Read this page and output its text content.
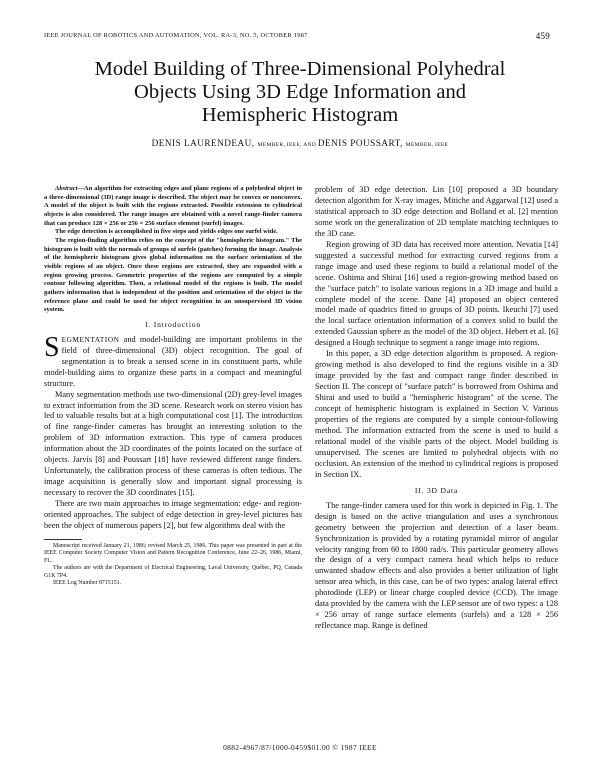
IEEE JOURNAL OF ROBOTICS AND AUTOMATION, VOL. RA-3, NO. 5, OCTOBER 1987	459
Model Building of Three-Dimensional Polyhedral
Objects Using 3D Edge Information and
Hemispheric Histogram
DENIS LAURENDEAU, MEMBER, IEEE, AND DENIS POUSSART, MEMBER, IEEE

Abstract—An algorithm for extracting edges and plane regions of a polyhedral object in a three-dimensional (3D) range image is described. The object may be convex or nonconvex. A model of the object is built with the regions extracted. Possible extension to cylindrical objects is also considered. The range images are obtained with a novel range-finder camera that can produce 128 × 256 or 256 × 256 surface element (surfel) images.

The edge detection is accomplished in five steps and yields edges one surfel wide.

The region-finding algorithm relies on the concept of the "hemispheric histogram." The histogram is built with the normals of groups of surfels (patches) forming the image. Analysis of the hemispheric histogram gives global information on the surface orientation of the visible regions of an object. Once these regions are extracted, they are expanded with a region growing process. Geometric properties of the regions are computed by a simple contour following algorithm. Then, a relational model of the regions is built. The model gathers information that is independent of the position and orientation of the object in the reference plane and could be used for object recognition in an unsupervised 3D vision system.

I. Introduction

SEGMENTATION and model-building are important problems in the field of three-dimensional (3D) object recognition. The goal of segmentation is to break a sensed scene in its constituent parts, while model-building aims to organize these parts in a compact and meaningful structure.

Many segmentation methods use two-dimensional (2D) grey-level images to extract information from the 3D scene. Research work on stereo vision has led to valuable results but at a high computational cost [1]. The introduction of fine range-finder cameras has brought an interesting solution to the problem of 3D information extraction. This type of camera produces information about the 3D coordinates of the points located on the surface of objects. Jarvis [8] and Poussart [18] have reviewed different range finders. Unfortunately, the calibration process of these cameras is often tedious. The image acquisition is generally slow and important signal processing is necessary to recover the 3D coordinates [15].

There are two main approaches to image segmentation: edge- and region-oriented approaches. The subject of edge detection in grey-level pictures has been the object of numerous papers [2], but few algorithms deal with the

Manuscript received January 21, 1986; revised March 25, 1986. This paper was presented in part at the IEEE Computer Society Computer Vision and Pattern Recognition Conference, June 22–26, 1986, Miami, FL.

The authors are with the Department of Electrical Engineering, Laval University, Québec, PQ, Canada G1K 7P4.

IEEE Log Number 8715151.

problem of 3D edge detection. Lin [10] proposed a 3D boundary detection algorithm for X-ray images, Mitiche and Aggarwal [12] used a statistical approach to 3D edge detection and Bolland et al. [2] mention some work on the generalization of 2D template matching techniques to the 3D case.

Region growing of 3D data has received more attention. Nevatia [14] suggested a successful method for extracting curved regions from a range image and used these regions to build a relational model of the scene. Oshima and Shirai [16] used a region-growing method based on the "surface patch" to isolate various regions in a 3D image and build a complete model of the scene. Dane [4] proposed an object centered model made of quadrics fitted to groups of 3D points. Ikeuchi [7] used the local surface orientation information of a convex solid to build the extended Gaussian sphere as the model of the 3D object. Hebert et al. [6] designed a Hough technique to segment a range image into regions.

In this paper, a 3D edge detection algorithm is proposed. A region-growing method is also developed to find the regions visible in a 3D image provided by the fast and compact range finder described in Section II. The concept of "surface patch" is borrowed from Oshima and Shirai and used to build a "hemispheric histogram" of the scene. The concept of hemispheric histogram is explained in Section V. Various properties of the regions are computed by a simple contour-following method. The information extracted from the scene is used to build a relational model of the visible parts of the object. Model building is unsupervised. The scenes are limited to polyhedral objects with no occlusion. An extension of the method to cylindrical regions is proposed in Section IX.

II. 3D Data

The range-finder camera used for this work is depicted in Fig. 1. The design is based on the active triangulation and uses a synchronous geometry between the projection and detection of a laser beam. Synchronization is provided by a rotating pyramidal mirror of angular velocity ranging from 60 to 1800 rad/s. This particular geometry allows the design of a very compact camera head which helps to reduce unwanted shadow effects and also provides a better utilization of light sensor area which, in this case, can be of two types: analog lateral effect photodiode (LEP) or linear charge coupled device (CCD). The image data provided by the camera with the LEP sensor are of two types: a 128 × 256 array of range surface elements (surfels) and a 128 × 256 reflectance map. Range is defined

0882-4967/87/1000-0459$01.00 © 1987 IEEE
